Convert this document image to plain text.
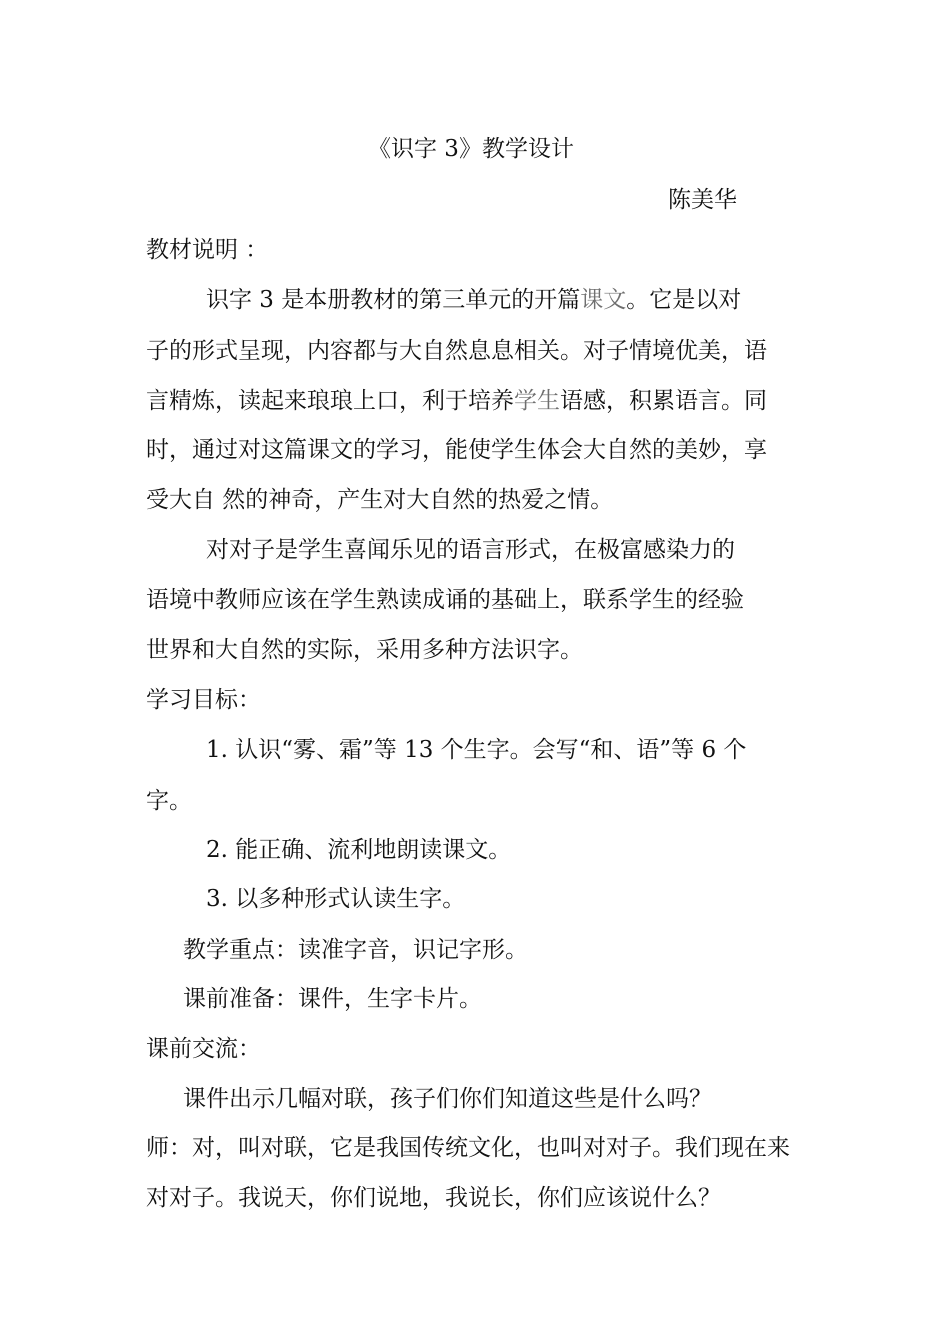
《识字 3》教学设计
陈美华
教材说明 ：
识字 3 是本册教材的第三单元的开篇课文。它是以对
子的形式呈现，内容都与大自然息息相关。对子情境优美，语
言精炼，读起来琅琅上口，利于培养学生语感，积累语言。同
时，通过对这篇课文的学习，能使学生体会大自然的美妙，享
受大自 然的神奇，产生对大自然的热爱之情。
对对子是学生喜闻乐见的语言形式，在极富感染力的
语境中教师应该在学生熟读成诵的基础上，联系学生的经验
世界和大自然的实际，采用多种方法识字。
学习目标：
1. 认识“雾、霜”等 13 个生字。会写“和、语”等 6 个
字。
2. 能正确、流利地朗读课文。
3. 以多种形式认读生字。
教学重点：读准字音，识记字形。
课前准备：课件，生字卡片。
课前交流：
课件出示几幅对联，孩子们你们知道这些是什么吗？
师：对，叫对联，它是我国传统文化，也叫对对子。我们现在来
对对子。我说天，你们说地，我说长，你们应该说什么？
